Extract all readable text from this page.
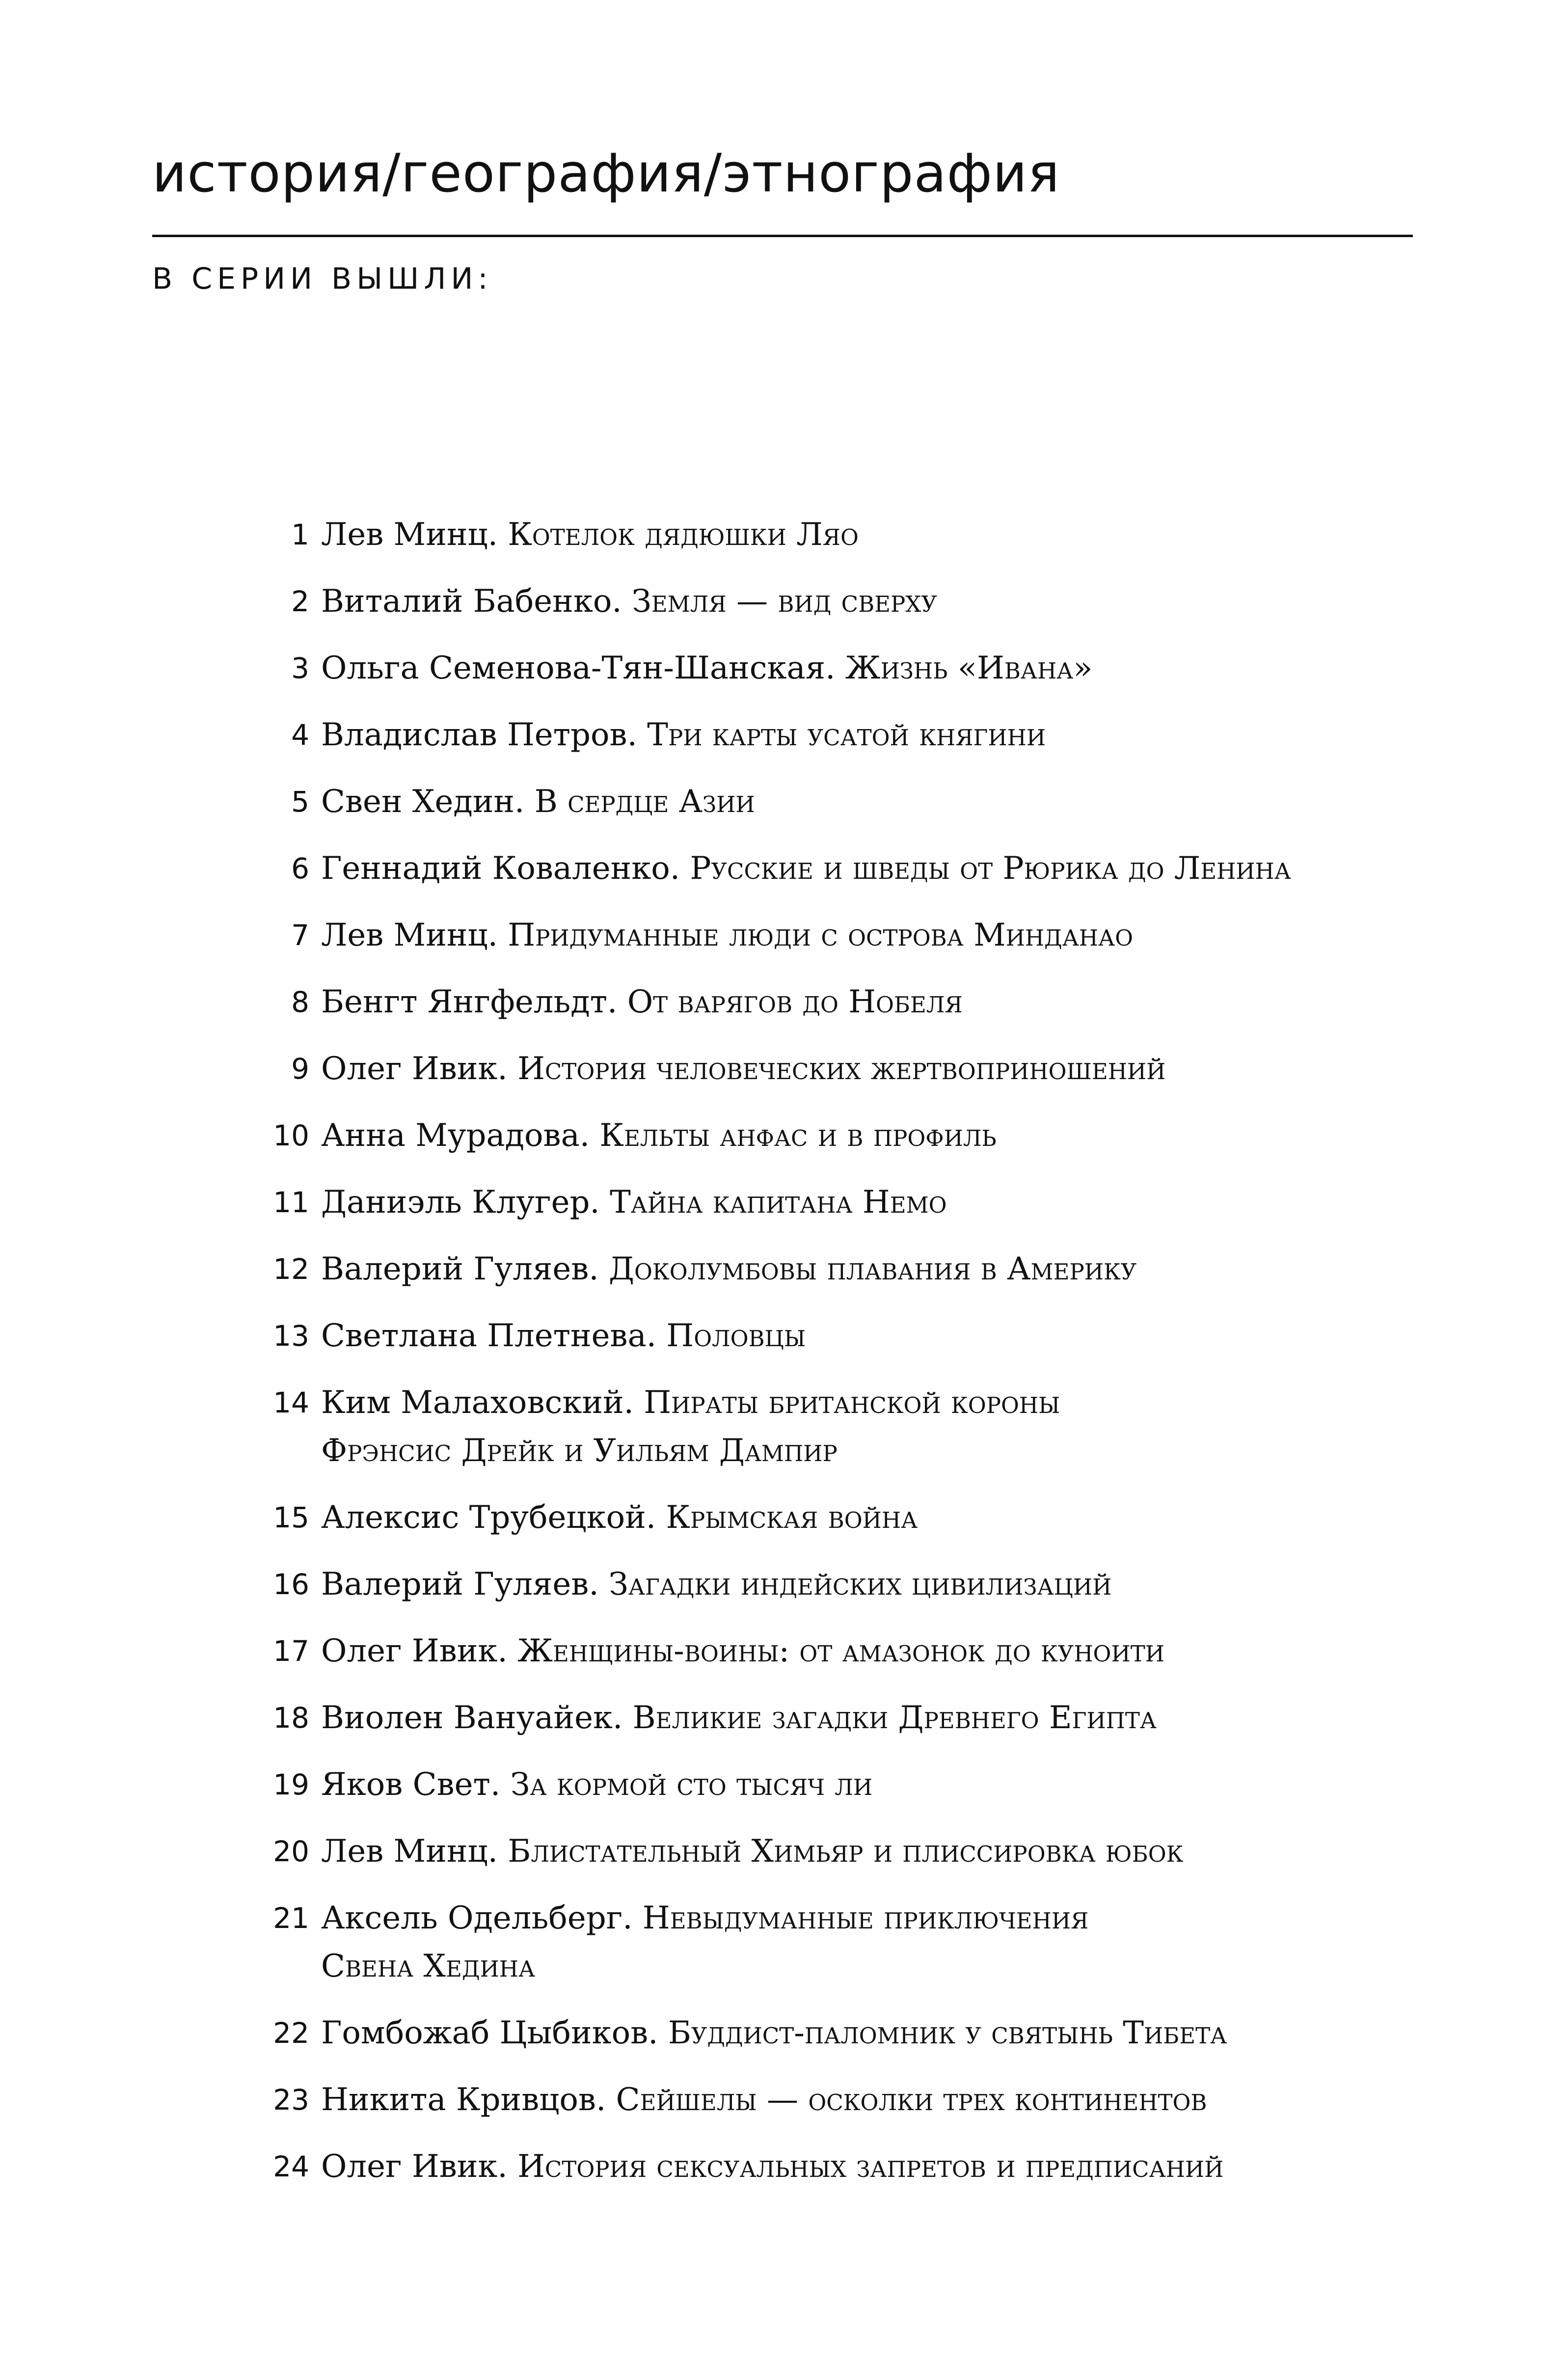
история/география/этнография

В СЕРИИ ВЫШЛИ:

1 Лев Минц. Котелок дядюшки Ляо
2 Виталий Бабенко. Земля — вид сверху
3 Ольга Семенова-Тян-Шанская. Жизнь «Ивана»
4 Владислав Петров. Три карты усатой княгини
5 Свен Хедин. В сердце Азии
6 Геннадий Коваленко. Русские и шведы от Рюрика до Ленина
7 Лев Минц. Придуманные люди с острова Минданао
8 Бенгт Янгфельдт. От варягов до Нобеля
9 Олег Ивик. История человеческих жертвоприношений
10 Анна Мурадова. Кельты анфас и в профиль
11 Даниэль Клугер. Тайна капитана Немо
12 Валерий Гуляев. Доколумбовы плавания в Америку
13 Светлана Плетнева. Половцы
14 Ким Малаховский. Пираты британской короны
Фрэнсис Дрейк и Уильям Дампир
15 Алексис Трубецкой. Крымская война
16 Валерий Гуляев. Загадки индейских цивилизаций
17 Олег Ивик. Женщины-воины: от амазонок до куноити
18 Виолен Вануайек. Великие загадки Древнего Египта
19 Яков Свет. За кормой сто тысяч ли
20 Лев Минц. Блистательный Химьяр и плиссировка юбок
21 Аксель Одельберг. Невыдуманные приключения
Свена Хедина
22 Гомбожаб Цыбиков. Буддист-паломник у святынь Тибета
23 Никита Кривцов. Сейшелы — осколки трех континентов
24 Олег Ивик. История сексуальных запретов и предписаний
